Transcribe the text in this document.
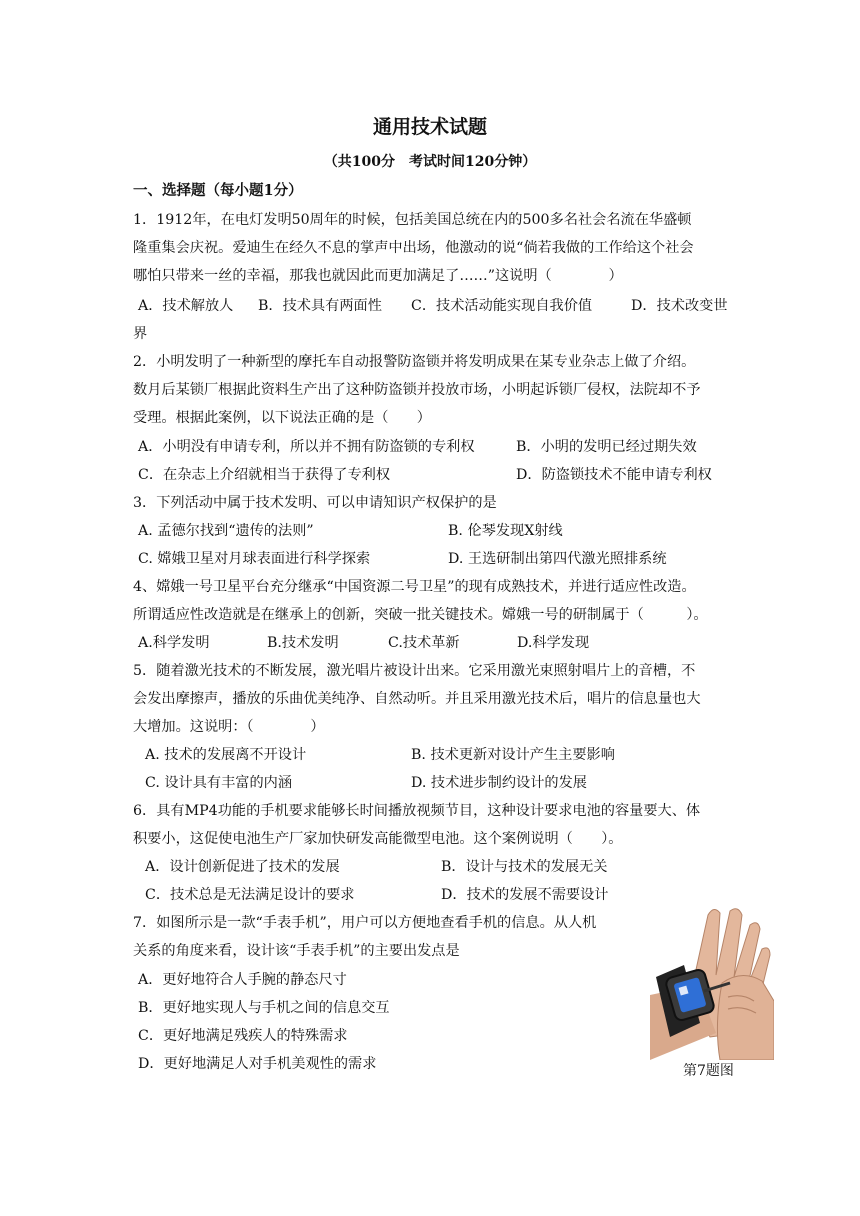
通用技术试题
（共100分　考试时间120分钟）
一、选择题（每小题1分）
1．1912年，在电灯发明50周年的时候，包括美国总统在内的500多名社会名流在华盛顿
隆重集会庆祝。爱迪生在经久不息的掌声中出场，他激动的说“倘若我做的工作给这个社会
哪怕只带来一丝的幸福，那我也就因此而更加满足了……”这说明（　　　　）
A．技术解放人 B．技术具有两面性 C．技术活动能实现自我价值	D．技术改变世
界
2．小明发明了一种新型的摩托车自动报警防盗锁并将发明成果在某专业杂志上做了介绍。
数月后某锁厂根据此资料生产出了这种防盗锁并投放市场，小明起诉锁厂侵权，法院却不予
受理。根据此案例，以下说法正确的是（　　）
A．小明没有申请专利，所以并不拥有防盗锁的专利权	B．小明的发明已经过期失效
C．在杂志上介绍就相当于获得了专利权	D．防盗锁技术不能申请专利权
3．下列活动中属于技术发明、可以申请知识产权保护的是
A. 孟德尔找到“遗传的法则”	B. 伦琴发现X射线
C. 嫦娥卫星对月球表面进行科学探索	D. 王选研制出第四代激光照排系统
4、嫦娥一号卫星平台充分继承“中国资源二号卫星”的现有成熟技术，并进行适应性改造。
所谓适应性改造就是在继承上的创新，突破一批关键技术。嫦娥一号的研制属于（　　　）。
A.科学发明	B.技术发明	C.技术革新	D.科学发现
5．随着激光技术的不断发展，激光唱片被设计出来。它采用激光束照射唱片上的音槽，不
会发出摩擦声，播放的乐曲优美纯净、自然动听。并且采用激光技术后，唱片的信息量也大
大增加。这说明：（　　　　）
A. 技术的发展离不开设计	B. 技术更新对设计产生主要影响
C. 设计具有丰富的内涵	D. 技术进步制约设计的发展
6．具有MP4功能的手机要求能够长时间播放视频节目，这种设计要求电池的容量要大、体
积要小，这促使电池生产厂家加快研发高能微型电池。这个案例说明（　　）。
A．设计创新促进了技术的发展	B．设计与技术的发展无关
C．技术总是无法满足设计的要求	D．技术的发展不需要设计
7．如图所示是一款“手表手机”，用户可以方便地查看手机的信息。从人机
关系的角度来看，设计该“手表手机”的主要出发点是
A．更好地符合人手腕的静态尺寸
B．更好地实现人与手机之间的信息交互
C．更好地满足残疾人的特殊需求
D．更好地满足人对手机美观性的需求	第7题图
